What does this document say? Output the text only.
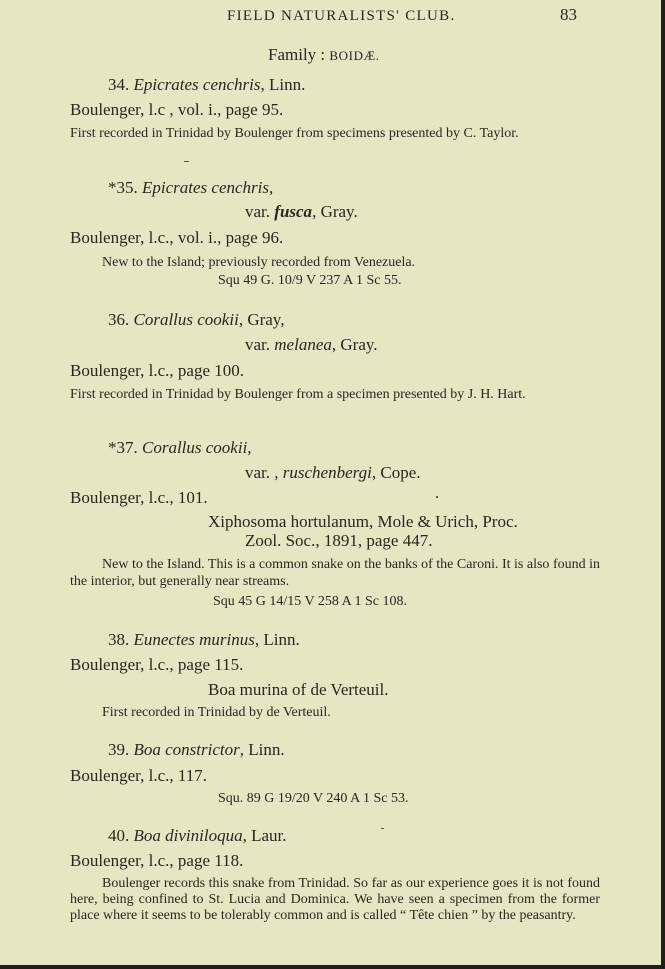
FIELD NATURALISTS' CLUB.	83
Family : BOIDÆ.
34. Epicrates cenchris, Linn.
Boulenger, l.c , vol. i., page 95.
First recorded in Trinidad by Boulenger from specimens presented by C. Taylor.
*35. Epicrates cenchris,
var. fusca, Gray.
Boulenger, l.c., vol. i., page 96.
New to the Island; previously recorded from Venezuela.
Squ 49 G. 10/9 V 237 A 1 Sc 55.
36. Corallus cookii, Gray,
var. melanea, Gray.
Boulenger, l.c., page 100.
First recorded in Trinidad by Boulenger from a specimen presented by J. H. Hart.
*37. Corallus cookii,
var. , ruschenbergi, Cope.
Boulenger, l.c., 101.
Xiphosoma hortulanum, Mole & Urich, Proc.
Zool. Soc., 1891, page 447.
New to the Island. This is a common snake on the banks of the Caroni. It is also found in the interior, but generally near streams.
Squ 45 G 14/15 V 258 A 1 Sc 108.
38. Eunectes murinus, Linn.
Boulenger, l.c., page 115.
Boa murina of de Verteuil.
First recorded in Trinidad by de Verteuil.
39. Boa constrictor, Linn.
Boulenger, l.c., 117.
Squ. 89 G 19/20 V 240 A 1 Sc 53.
40. Boa diviniloqua, Laur.
Boulenger, l.c., page 118.
Boulenger records this snake from Trinidad. So far as our experience goes it is not found here, being confined to St. Lucia and Dominica. We have seen a specimen from the former place where it seems to be tolerably common and is called “ Tête chien ” by the peasantry.
